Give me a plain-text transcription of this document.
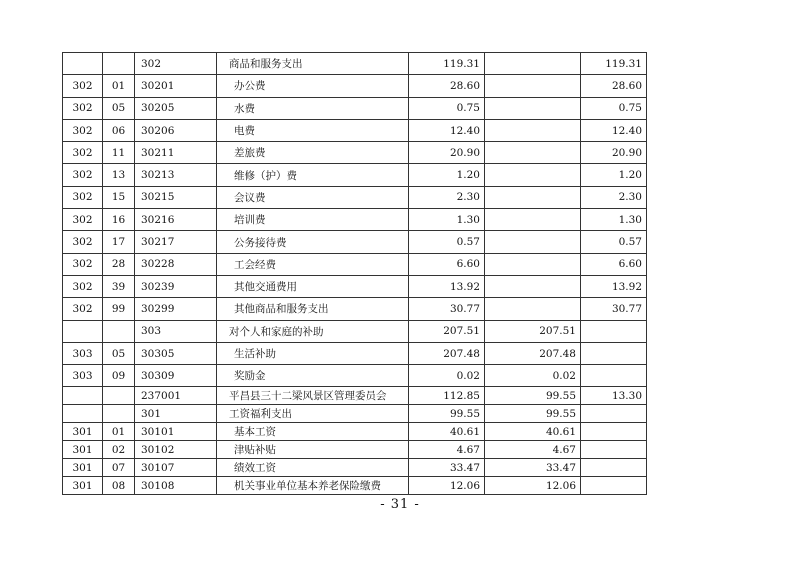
		302	商品和服务支出	119.31		119.31
302	01	30201	办公费	28.60		28.60
302	05	30205	水费	0.75		0.75
302	06	30206	电费	12.40		12.40
302	11	30211	差旅费	20.90		20.90
302	13	30213	维修（护）费	1.20		1.20
302	15	30215	会议费	2.30		2.30
302	16	30216	培训费	1.30		1.30
302	17	30217	公务接待费	0.57		0.57
302	28	30228	工会经费	6.60		6.60
302	39	30239	其他交通费用	13.92		13.92
302	99	30299	其他商品和服务支出	30.77		30.77
		303	对个人和家庭的补助	207.51	207.51	
303	05	30305	生活补助	207.48	207.48	
303	09	30309	奖励金	0.02	0.02	
		237001	平昌县三十二梁风景区管理委员会	112.85	99.55	13.30
		301	工资福利支出	99.55	99.55	
301	01	30101	基本工资	40.61	40.61	
301	02	30102	津贴补贴	4.67	4.67	
301	07	30107	绩效工资	33.47	33.47	
301	08	30108	机关事业单位基本养老保险缴费	12.06	12.06	
- 31 -
